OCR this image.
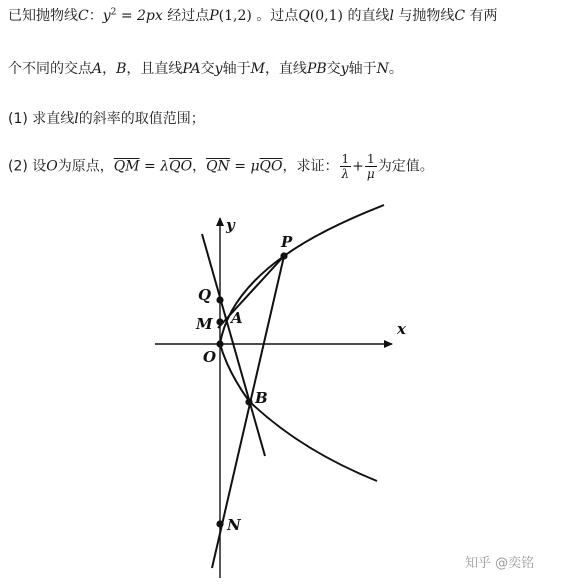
已知抛物线C：$y^2 = 2px$ 经过点P(1,2) 。过点Q(0,1) 的直线l 与抛物线C 有两
个不同的交点A，B，且直线PA交y轴于M，直线PB交y轴于N。
(1) 求直线l的斜率的取值范围；
(2) 设O为原点，$\overline{QM} = \lambda\overline{QO}$，$\overline{QN} = \mu\overline{QO}$，求证： $\frac{1}{\lambda} + \frac{1}{\mu}$ 为定值。
x
y
P
Q
M A
O
B
N
知乎 @奕铭
